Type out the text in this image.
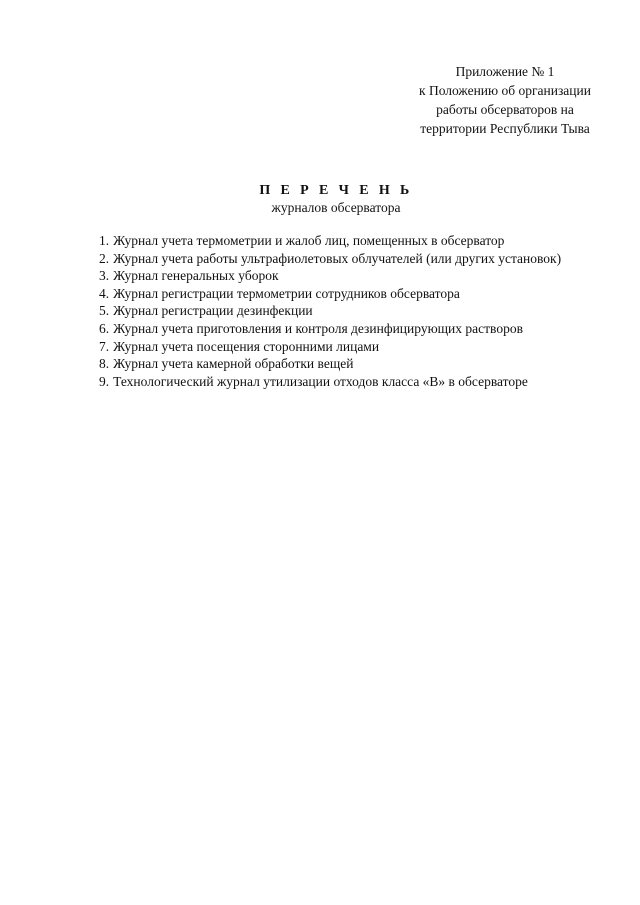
Приложение № 1
к Положению об организации
работы обсерваторов на
территории Республики Тыва
П Е Р Е Ч Е Н Ь
журналов обсерватора
1. Журнал учета термометрии и жалоб лиц, помещенных в обсерватор
2. Журнал учета работы ультрафиолетовых облучателей (или других установок)
3. Журнал генеральных уборок
4. Журнал регистрации термометрии сотрудников обсерватора
5. Журнал регистрации дезинфекции
6. Журнал учета приготовления и контроля дезинфицирующих растворов
7. Журнал учета посещения сторонними лицами
8. Журнал учета камерной обработки вещей
9. Технологический журнал утилизации отходов класса «В» в обсерваторе
